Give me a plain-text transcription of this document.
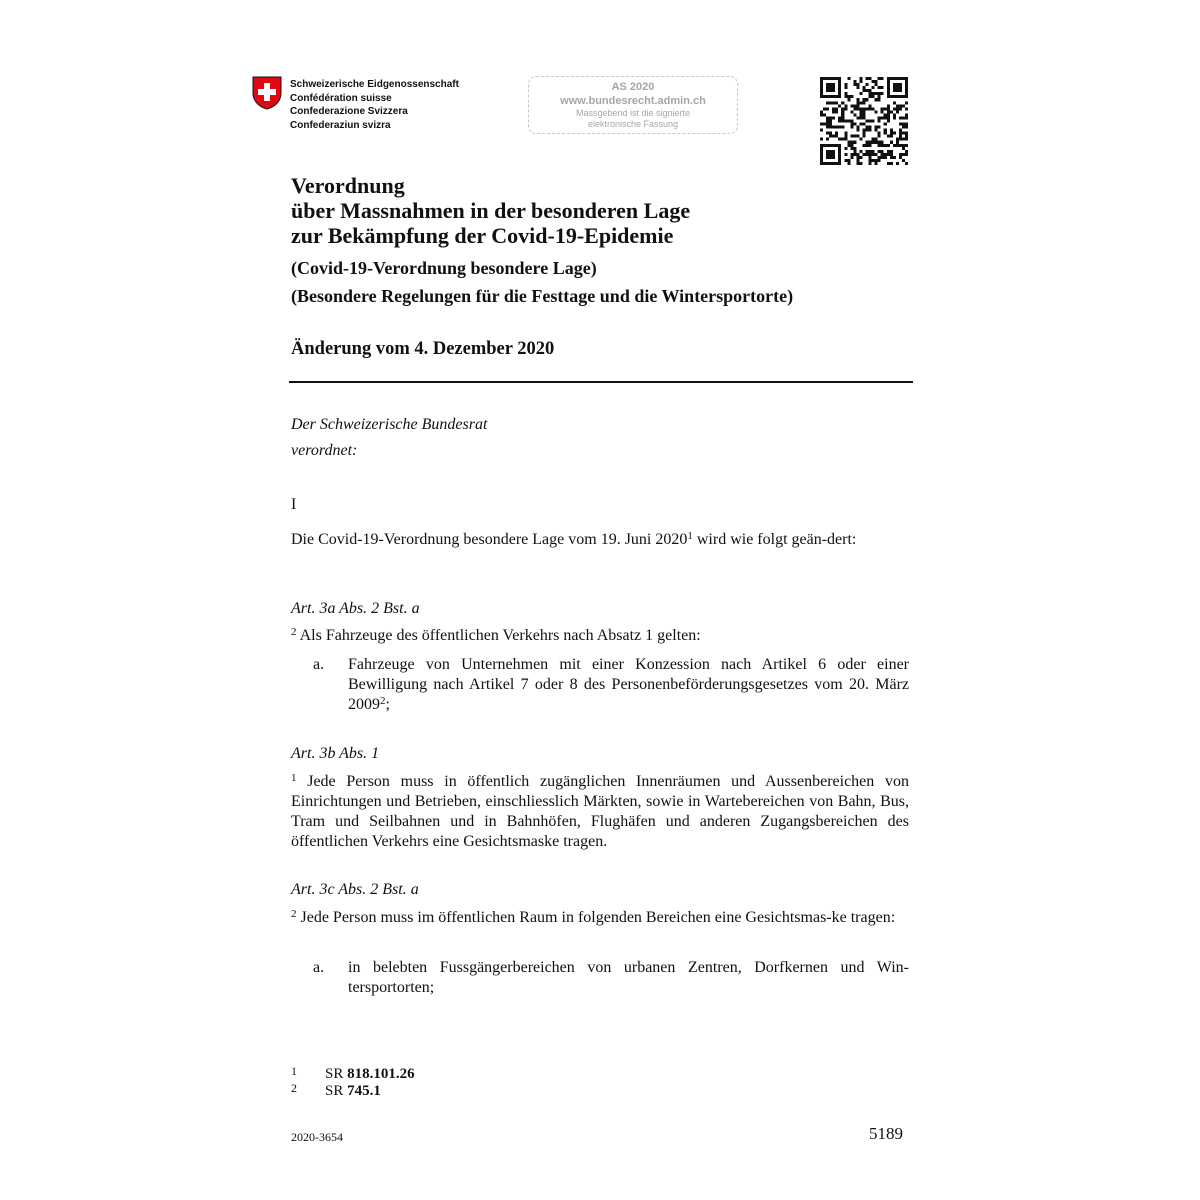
Schweizerische Eidgenossenschaft
Confédération suisse
Confederazione Svizzera
Confederaziun svizra
AS 2020
www.bundesrecht.admin.ch
Massgebend ist die signierte
elektronische Fassung
Verordnung
über Massnahmen in der besonderen Lage
zur Bekämpfung der Covid-19-Epidemie
(Covid-19-Verordnung besondere Lage)
(Besondere Regelungen für die Festtage und die Wintersportorte)
Änderung vom 4. Dezember 2020
Der Schweizerische Bundesrat
verordnet:
I
Die Covid-19-Verordnung besondere Lage vom 19. Juni 2020$^1$ wird wie folgt geän-dert:
Art. 3a Abs. 2 Bst. a
$^2$ Als Fahrzeuge des öffentlichen Verkehrs nach Absatz 1 gelten:
a. Fahrzeuge von Unternehmen mit einer Konzession nach Artikel 6 oder einer Bewilligung nach Artikel 7 oder 8 des Personenbeförderungsgesetzes vom 20. März 2009$^2$;
Art. 3b Abs. 1
$^1$ Jede Person muss in öffentlich zugänglichen Innenräumen und Aussenbereichen von Einrichtungen und Betrieben, einschliesslich Märkten, sowie in Wartebereichen von Bahn, Bus, Tram und Seilbahnen und in Bahnhöfen, Flughäfen und anderen Zugangsbereichen des öffentlichen Verkehrs eine Gesichtsmaske tragen.
Art. 3c Abs. 2 Bst. a
$^2$ Jede Person muss im öffentlichen Raum in folgenden Bereichen eine Gesichtsmas-ke tragen:
a. in belebten Fussgängerbereichen von urbanen Zentren, Dorfkernen und Win-tersportorten;
1 SR 818.101.26
2 SR 745.1
2020-3654	5189
